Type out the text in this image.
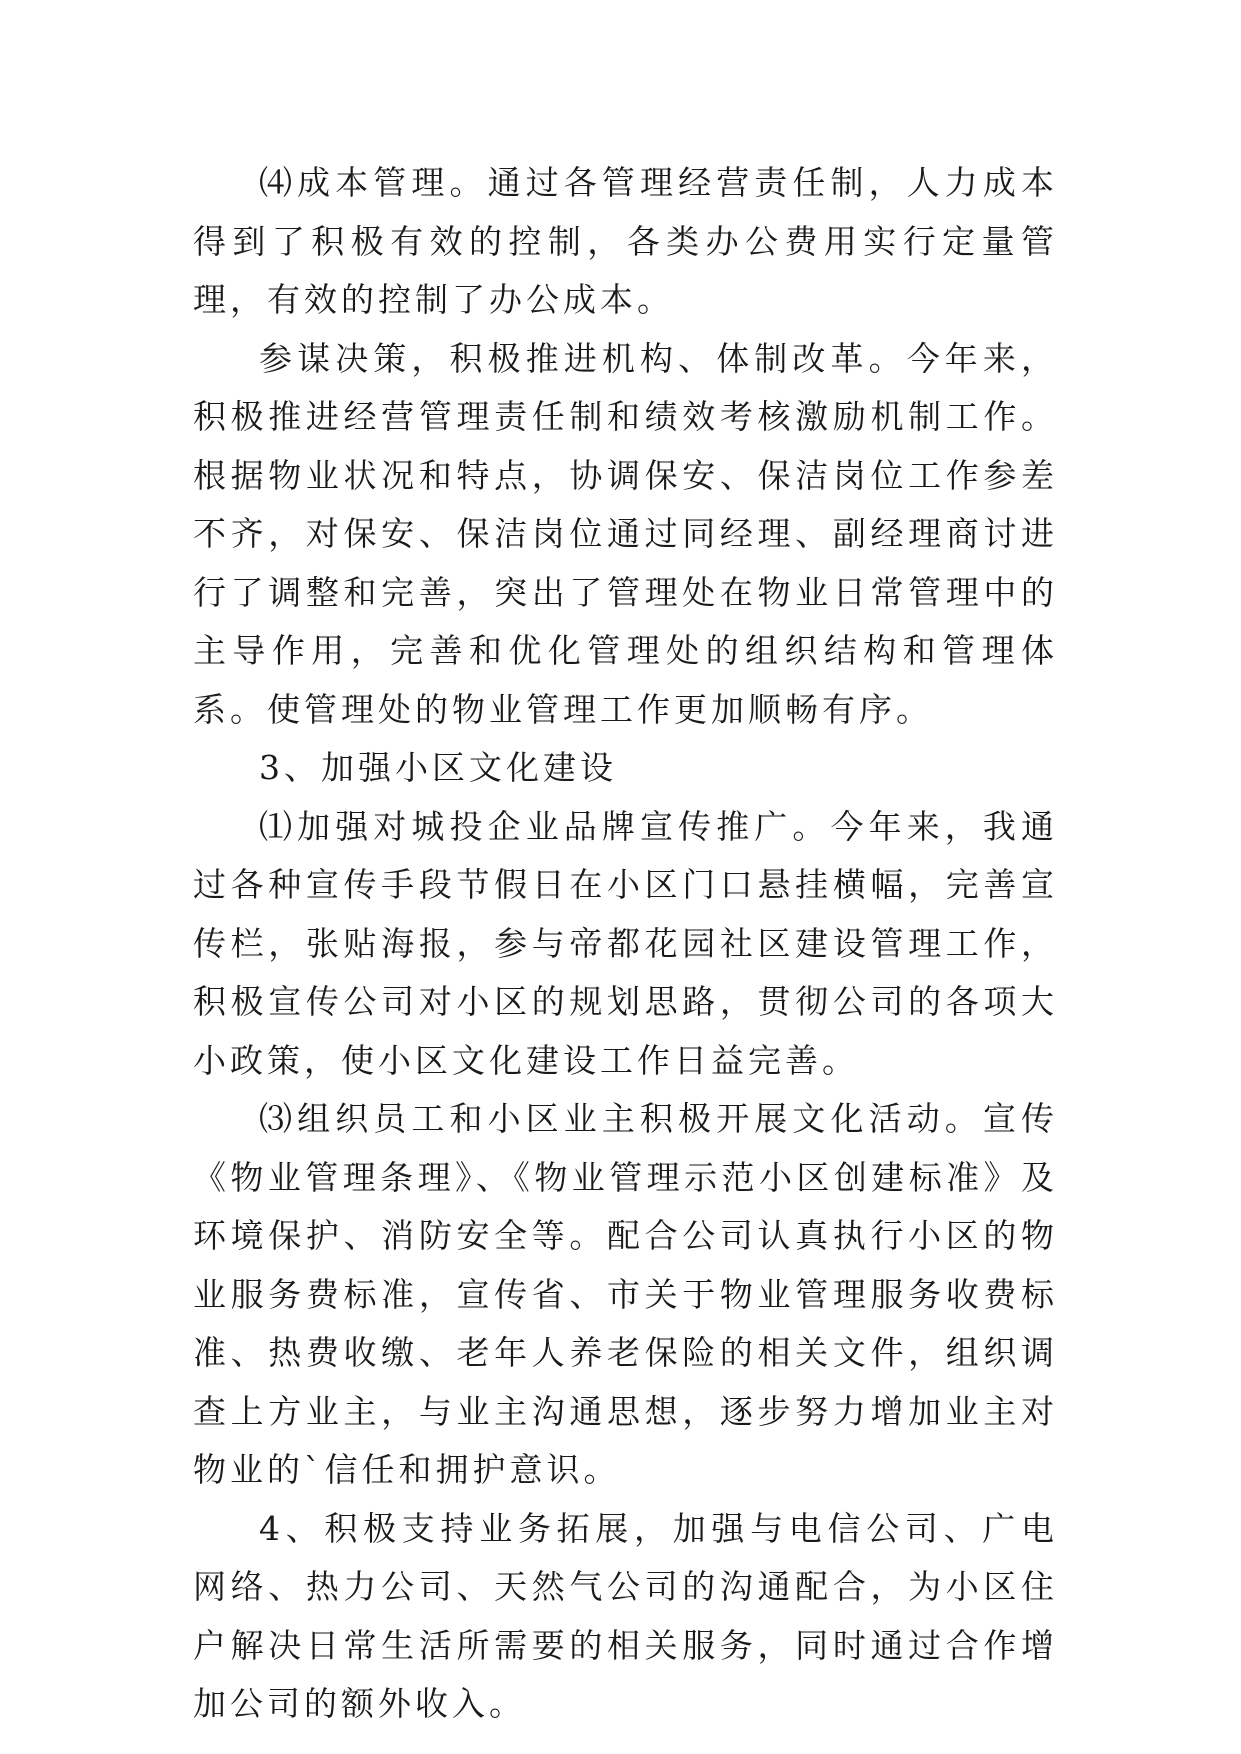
⑷成本管理。通过各管理经营责任制，人力成本得到了积极有效的控制，各类办公费用实行定量管理，有效的控制了办公成本。

参谋决策，积极推进机构、体制改革。今年来，积极推进经营管理责任制和绩效考核激励机制工作。根据物业状况和特点，协调保安、保洁岗位工作参差不齐，对保安、保洁岗位通过同经理、副经理商讨进行了调整和完善，突出了管理处在物业日常管理中的主导作用，完善和优化管理处的组织结构和管理体系。使管理处的物业管理工作更加顺畅有序。

3、加强小区文化建设

⑴加强对城投企业品牌宣传推广。今年来，我通过各种宣传手段节假日在小区门口悬挂横幅，完善宣传栏，张贴海报，参与帝都花园社区建设管理工作，积极宣传公司对小区的规划思路，贯彻公司的各项大小政策，使小区文化建设工作日益完善。

⑶组织员工和小区业主积极开展文化活动。宣传《物业管理条理》、《物业管理示范小区创建标准》及环境保护、消防安全等。配合公司认真执行小区的物业服务费标准，宣传省、市关于物业管理服务收费标准、热费收缴、老年人养老保险的相关文件，组织调查上方业主，与业主沟通思想，逐步努力增加业主对物业的`信任和拥护意识。

4、积极支持业务拓展，加强与电信公司、广电网络、热力公司、天然气公司的沟通配合，为小区住户解决日常生活所需要的相关服务，同时通过合作增加公司的额外收入。
